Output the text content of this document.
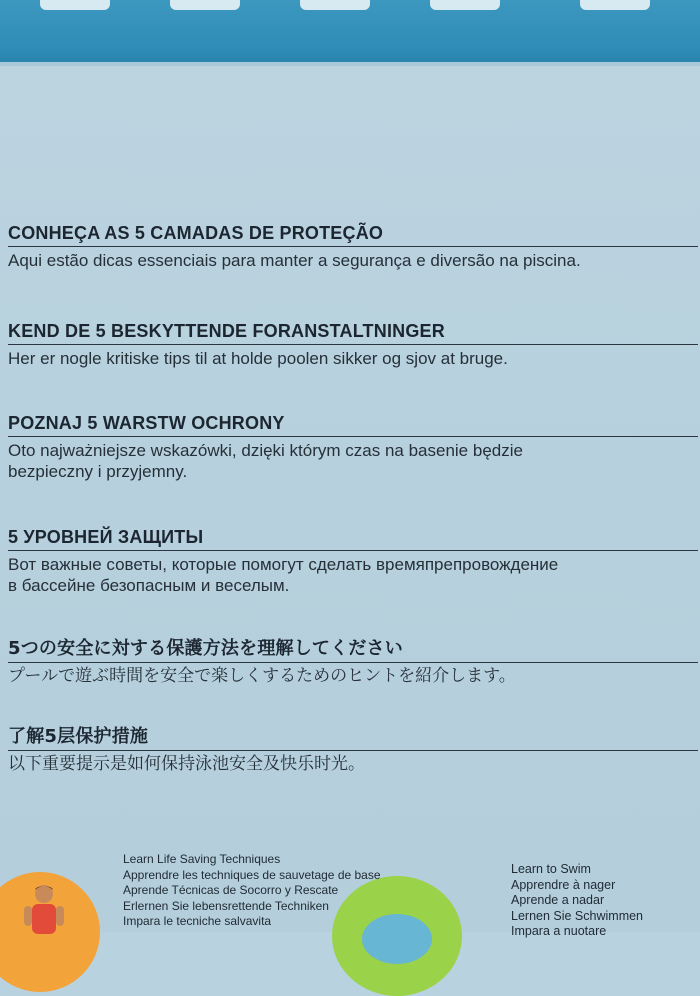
CONHEÇA AS 5 CAMADAS DE PROTEÇÃO
Aqui estão dicas essenciais para manter a segurança e diversão na piscina.
KEND DE 5 BESKYTTENDE FORANSTALTNINGER
Her er nogle kritiske tips til at holde poolen sikker og sjov at bruge.
POZNAJ 5 WARSTW OCHRONY
Oto najważniejsze wskazówki, dzięki którym czas na basenie będzie
bezpieczny i przyjemny.
5 УРОВНЕЙ ЗАЩИТЫ
Вот важные советы, которые помогут сделать времяпрепровождение
в бассейне безопасным и веселым.
5つの安全に対する保護方法を理解してください
プールで遊ぶ時間を安全で楽しくするためのヒントを紹介します。
了解5层保护措施
以下重要提示是如何保持泳池安全及快乐时光。
Learn Life Saving Techniques
Apprendre les techniques de sauvetage de base
Aprende Técnicas de Socorro y Rescate
Erlernen Sie lebensrettende Techniken
Impara le tecniche salvavita
Learn to Swim
Apprendre à nager
Aprende a nadar
Lernen Sie Schwimmen
Impara a nuotare
